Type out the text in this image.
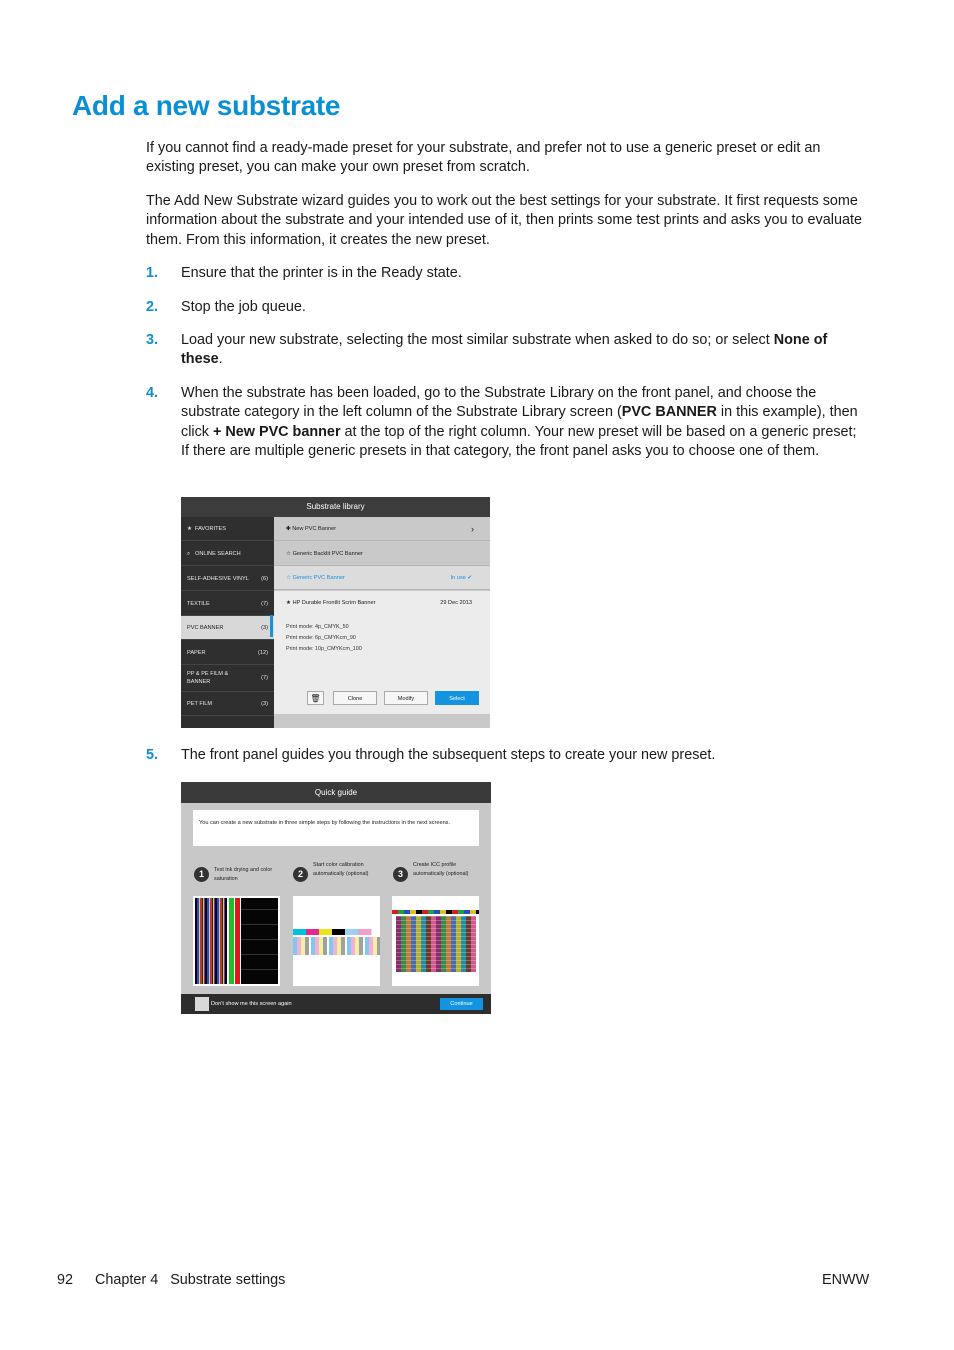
Add a new substrate

If you cannot find a ready-made preset for your substrate, and prefer not to use a generic preset or edit an existing preset, you can make your own preset from scratch.

The Add New Substrate wizard guides you to work out the best settings for your substrate. It first requests some information about the substrate and your intended use of it, then prints some test prints and asks you to evaluate them. From this information, it creates the new preset.

1. Ensure that the printer is in the Ready state.
2. Stop the job queue.
3. Load your new substrate, selecting the most similar substrate when asked to do so; or select None of these.
4. When the substrate has been loaded, go to the Substrate Library on the front panel, and choose the substrate category in the left column of the Substrate Library screen (PVC BANNER in this example), then click + New PVC banner at the top of the right column. Your new preset will be based on a generic preset; If there are multiple generic presets in that category, the front panel asks you to choose one of them.
Substrate library
★ FAVORITES
⌕ ONLINE SEARCH
SELF-ADHESIVE VINYL (6)
TEXTILE	(7)
PVC BANNER	(3)
PAPER	(12)
PP & PE FILM & BANNER
(7)
PET FILM	(3)
✚ New PVC Banner	›
☆ Generic Backlit PVC Banner
☆ Generic PVC Banner	In use ✔
★ HP Durable Frontlit Scrim Banner	29 Dec 2013
Print mode: 4p_CMYK_50
Print mode: 6p_CMYKcm_90
Print mode: 10p_CMYKcm_100
🗑	Clone	Modify	Select
5. The front panel guides you through the subsequent steps to create your new preset.
Quick guide
You can create a new substrate in three simple steps by following the instructions in the next screens.
1	Test ink drying and color saturation	2
Start color calibration automatically (optional)	3
Create ICC profile automatically (optional)
Don't show me this screen again	Continue
92 Chapter 4   Substrate settings	ENWW
